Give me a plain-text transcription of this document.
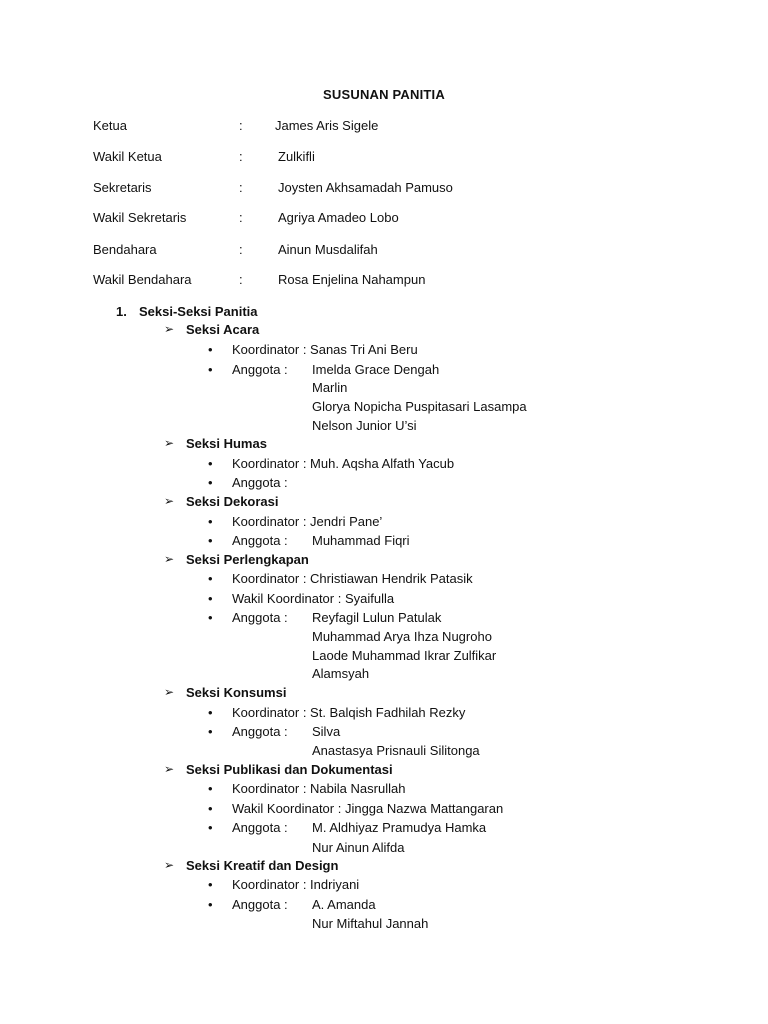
SUSUNAN PANITIA
Ketua	: James Aris Sigele
Wakil Ketua	:	Zulkifli
Sekretaris	:	Joysten Akhsamadah Pamuso
Wakil Sekretaris	:	Agriya Amadeo Lobo
Bendahara	:	Ainun Musdalifah
Wakil Bendahara	:	Rosa Enjelina Nahampun
1. Seksi-Seksi Panitia
➢ Seksi Acara
• Koordinator : Sanas Tri Ani Beru
• Anggota : Imelda Grace Dengah
Marlin
Glorya Nopicha Puspitasari Lasampa
Nelson Junior U’si
➢ Seksi Humas
• Koordinator : Muh. Aqsha Alfath Yacub
• Anggota :
➢ Seksi Dekorasi
• Koordinator : Jendri Pane’
• Anggota : Muhammad Fiqri
➢ Seksi Perlengkapan
• Koordinator : Christiawan Hendrik Patasik
• Wakil Koordinator : Syaifulla
• Anggota : Reyfagil Lulun Patulak
Muhammad Arya Ihza Nugroho
Laode Muhammad Ikrar Zulfikar
Alamsyah
➢ Seksi Konsumsi
• Koordinator : St. Balqish Fadhilah Rezky
• Anggota : Silva
Anastasya Prisnauli Silitonga
➢ Seksi Publikasi dan Dokumentasi
• Koordinator : Nabila Nasrullah
• Wakil Koordinator : Jingga Nazwa Mattangaran
• Anggota : M. Aldhiyaz Pramudya Hamka
Nur Ainun Alifda
➢ Seksi Kreatif dan Design
• Koordinator : Indriyani
• Anggota : A. Amanda
Nur Miftahul Jannah
